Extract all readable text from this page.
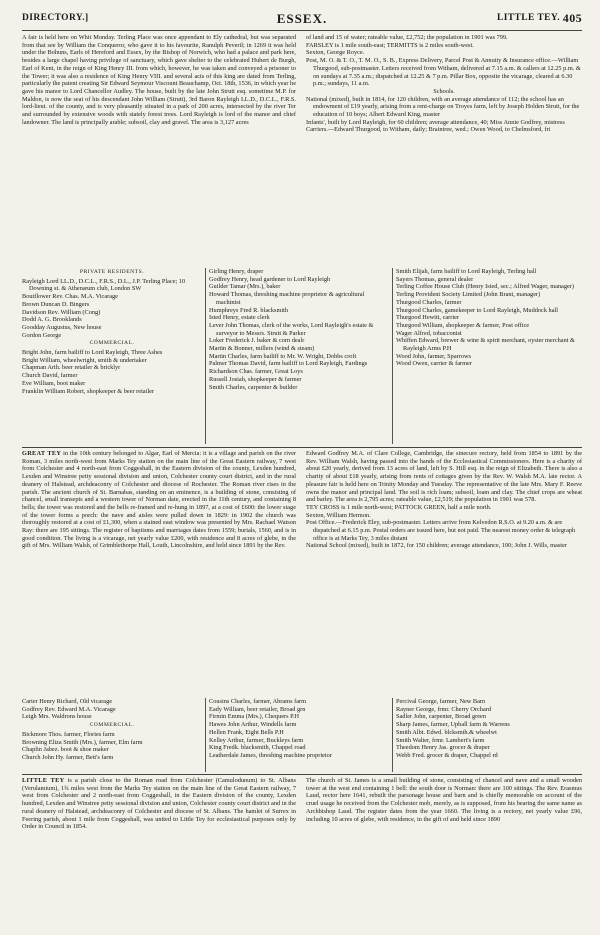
DIRECTORY.]	ESSEX.	LITTLE TEY. 405

A fair is held here on Whit Monday. Terling Place was once appendant to Ely cathedral, but was separated from that see by William the Conqueror, who gave it to his favourite, Ranulph Peveril; in 1269 it was held under the Bohuns, Earls of Hereford and Essex, by the Bishop of Norwich, who had a palace and park here, besides a large chapel having privilege of sanctuary, which gave shelter to the celebrated Hubert de Burgh, Earl of Kent, in the reign of King Henry III. from which, however, he was taken and conveyed a prisoner to the Tower; it was also a residence of King Henry VIII. and several acts of this king are dated from Terling, particularly the patent creating Sir Edward Seymour Viscount Beauchamp, Oct. 18th, 1536, in which year he gave his manor to Lord Chancellor Audley. The house, built by the late John Strutt esq. sometime M.P. for Maldon, is now the seat of his descendant John William (Strutt), 3rd Baron Rayleigh LL.D., D.C.L., F.R.S. lord-lieut. of the county, and is very pleasantly situated in a park of 200 acres, intersected by the river Ter and surrounded by extensive woods with stately forest trees. Lord Rayleigh is lord of the manor and chief landowner. The land is principally arable; subsoil, clay and gravel. The area is 3,127 acres

of land and 15 of water; rateable value, £2,752; the population in 1901 was 799.

FARSLEY is 1 mile south-east; TERMITTS is 2 miles south-west.

Sexton, George Royce.

Post, M. O. & T. O., T. M. O., S. B., Express Delivery, Parcel Post & Annuity & Insurance office.—William Thurgood, sub-postmaster. Letters received from Witham, delivered at 7.15 a.m. & callers at 12.25 p.m. & on sundays at 7.35 a.m.; dispatched at 12.25 & 7 p.m. Pillar Box, opposite the vicarage, cleared at 6.30 p.m.; sundays, 11 a.m.

Schools.

National (mixed), built in 1814, for 120 children, with an average attendance of 112; the school has an endowment of £19 yearly, arising from a rent-charge on Troyes farm, left by Joseph Holden Strutt, for the education of 10 boys; Albert Edward King, master

Infants', built by Lord Rayleigh, for 60 children; average attendance, 40; Miss Annie Godfrey, mistress

Carriers.—Edward Thurgood, to Witham, daily; Braintree, wed.; Owen Wood, to Chelmsford, fri

PRIVATE RESIDENTS.

Rayleigh Lord LL.D., D.C.L., F.R.S., D.L., J.P. Terling Place; 10 Downing st. & Athenæum club, London SW

Boutflower Rev. Chas. M.A. Vicarage

Brown Duncan D. Bingers

Davidson Rev. William (Cong)

Dodd A. G. Brooklands

Goodday Augustus, New house

Gordon George

COMMERCIAL.

Bright John, farm bailiff to Lord Rayleigh, Three Ashes

Bright William, wheelwright, smith & undertaker

Chapman Arth. beer retailer & bricklyr

Church David, farmer

Eve William, boot maker

Franklin William Robert, shopkeeper & beer retailer

Girling Henry, draper

Godfrey Henry, head gardener to Lord Rayleigh

Guilder Tamar (Mrs.), baker

Howard Thomas, threshing machine proprietor & agricultural machinist

Humphreys Fred R. blacksmith

Isted Henry, estate clerk

Lever John Thomas, clerk of the works, Lord Rayleigh's estate & surveyor to Messrs. Strutt & Parker

Loker Frederick J. baker & corn dealr

Martin & Bonner, millers (wind & steam)

Martin Charles, farm bailiff to Mr. W. Wright, Dobbs croft

Palmer Thomas David, farm bailiff to Lord Rayleigh, Fardings

Richardson Chas. farmer, Great Loys

Russell Josiah, shopkeeper & farmer

Smith Charles, carpenter & builder

Smith Elijah, farm bailiff to Lord Rayleigh, Terling hall

Sayers Thomas, general dealer

Terling Coffee House Club (Henry Isted, sec.; Alfred Wager, manager)

Terling Provident Society Limited (John Brant, manager)

Thurgood Charles, farmer

Thurgood Charles, gamekeeper to Lord Rayleigh, Muddock hall

Thurgood Hewitt, carrier

Thurgood William, shopkeeper & farmer, Post office

Wager Alfred, tobacconist

Whiffen Edward, brewer & wine & spirit merchant, oyster merchant & Rayleigh Arms P.H

Wood John, farmer, Sparrows

Wood Owen, carrier & farmer

GREAT TEY in the 10th century belonged to Algar, Earl of Mercia: it is a village and parish on the river Roman, 3 miles north-west from Marks Tey station on the main line of the Great Eastern railway, 7 west from Colchester and 4 north-east from Coggeshall, in the Eastern division of the county, Lexden hundred, Lexden and Winstree petty sessional division and union, Colchester county court district, and in the rural deanery of Halstead, archdeaconry of Colchester and diocese of Rochester. The Roman river rises in the parish. The ancient church of St. Barnabas, standing on an eminence, is a building of stone, consisting of chancel, small transepts and a western tower of Norman date, erected in the 11th century, and containing 8 bells; the tower was restored and the bells re-framed and re-hung in 1897, at a cost of £600: the lower stage of the tower forms a porch: the nave and aisles were pulled down in 1829: in 1902 the church was thoroughly restored at a cost of £1,300, when a stained east window was presented by Mrs. Rachael Watson Ray: there are 195 sittings. The register of baptisms and marriages dates from 1559; burials, 1560, and is in good condition. The living is a vicarage, net yearly value £200, with residence and 8 acres of glebe, in the gift of Mrs. William Walsh, of Grimblethorpe Hall, Louth, Lincolnshire, and held since 1891 by the Rev.

Edward Godfrey M.A. of Clare College, Cambridge, the sinecure rectory, held from 1854 to 1891 by the Rev. William Walsh, having passed into the hands of the Ecclesiastical Commissioners. Here is a charity of about £20 yearly, derived from 13 acres of land, left by S. Hill esq. in the reign of Elizabeth. There is also a charity of about £18 yearly, arising from rents of cottages given by the Rev. W. Walsh M.A. late rector. A pleasure fair is held here on Trinity Monday and Tuesday. The representative of the late Mrs. Mary F. Reeve owns the manor and principal land. The soil is rich loam; subsoil, loam and clay. The chief crops are wheat and barley. The area is 2,795 acres; rateable value, £2,519; the population in 1901 was 578.

TEY CROSS is 1 mile north-west; PATTOCK GREEN, half a mile north.

Sexton, William Hermon.

Post Office.—Frederick Eley, sub-postmaster. Letters arrive from Kelvedon R.S.O. at 9.20 a.m. & are dispatched at 6.15 p.m. Postal orders are issued here, but not paid. The nearest money order & telegraph office is at Marks Tey, 3 miles distant

National School (mixed), built in 1872, for 150 children; average attendance, 100; John J. Wills, master

Carter Henry Richard, Old vicarage

Godfrey Rev. Edward M.A. Vicarage

Leigh Mrs. Waldrons house

COMMERCIAL.

Bickmore Thos. farmer, Flories farm

Browning Eliza Smith (Mrs.), farmer, Elm farm

Chaplin Jabez. boot & shoe maker

Church John Hy. farmer, Bett's farm

Cousins Charles, farmer, Abrams farm

Eady William, beer retailer, Broad grn

Firmin Emma (Mrs.), Chequers P.H

Hawes John Arthur, Windells farm

Hellen Frank, Eight Bells P.H

Kelley Arthur, farmer, Buckleys farm

King Fredk. blacksmith, Chappel road

Leatherdale James, threshing machine proprietor

Percival George, farmer, New Barn

Rayner George, frmr. Cherry Orchard

Sadler John, carpenter, Broad green

Sharp James, farmer, Upball farm & Warrens

Smith Albt. Edwd. blcksmth.& wheelwt

Smith Walter, frmr. Lambert's farm

Theedom Henry Jas. grocer & draper

Webb Fred. grocer & draper, Chappel rd

LITTLE TEY is a parish close to the Roman road from Colchester (Camulodunum) to St. Albans (Verulamium), 1¾ miles west from the Marks Tey station on the main line of the Great Eastern railway, 7 west from Colchester and 2 north-east from Coggeshall, in the Eastern division of the county, Lexden hundred, Lexden and Winstree petty sessional division and union, Colchester county court district and in the rural deanery of Halstead, archdeaconry of Colchester and diocese of St. Albans. The hamlet of Surrex in Feering parish, about 1 mile from Coggeshall, was united to Little Tey for ecclesiastical purposes only by Order in Council in 1854.

The church of St. James is a small building of stone, consisting of chancel and nave and a small wooden tower at the west end containing 1 bell: the south door is Norman: there are 100 sittings. The Rev. Erasmus Laud, rector here 1641, rebuilt the parsonage house and barn and is chiefly memorable on account of the cruel usage he received from the Colchester mob, merely, as is supposed, from his bearing the same name as Archbishop Laud. The register dates from the year 1660. The living is a rectory, net yearly value £96, including 10 acres of glebe, with residence, in the gift of and held since 1890
